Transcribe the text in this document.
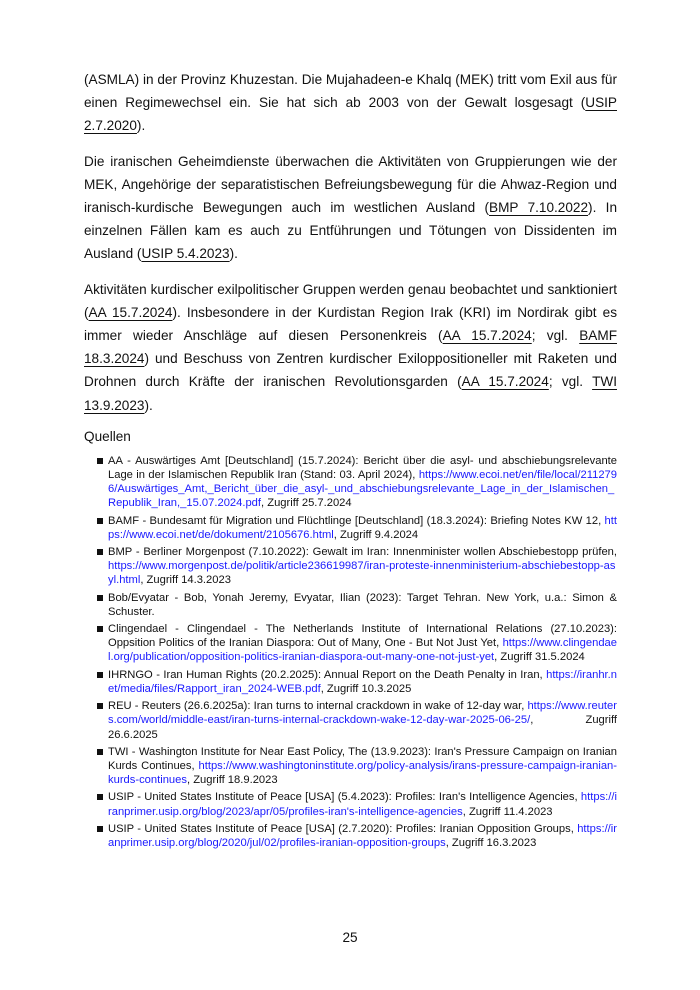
(ASMLA) in der Provinz Khuzestan. Die Mujahadeen-e Khalq (MEK) tritt vom Exil aus für einen Regimewechsel ein. Sie hat sich ab 2003 von der Gewalt losgesagt (USIP 2.7.2020).

Die iranischen Geheimdienste überwachen die Aktivitäten von Gruppierungen wie der MEK, Angehörige der separatistischen Befreiungsbewegung für die Ahwaz-Region und iranisch-kurdische Bewegungen auch im westlichen Ausland (BMP 7.10.2022). In einzelnen Fällen kam es auch zu Entführungen und Tötungen von Dissidenten im Ausland (USIP 5.4.2023).

Aktivitäten kurdischer exilpolitischer Gruppen werden genau beobachtet und sanktioniert (AA 15.7.2024). Insbesondere in der Kurdistan Region Irak (KRI) im Nordirak gibt es immer wieder Anschläge auf diesen Personenkreis (AA 15.7.2024; vgl. BAMF 18.3.2024) und Beschuss von Zentren kurdischer Exiloppositioneller mit Raketen und Drohnen durch Kräfte der iranischen Revolutionsgarden (AA 15.7.2024; vgl. TWI 13.9.2023).

Quellen
AA - Auswärtiges Amt [Deutschland] (15.7.2024): Bericht über die asyl- und abschiebungsrelevante Lage in der Islamischen Republik Iran (Stand: 03. April 2024), https://www.ecoi.net/en/file/local/2112796/Auswärtiges_Amt,_Bericht_über_die_asyl-_und_abschiebungsrelevante_Lage_in_der_Islamischen_Republik_Iran,_15.07.2024.pdf, Zugriff 25.7.2024
BAMF - Bundesamt für Migration und Flüchtlinge [Deutschland] (18.3.2024): Briefing Notes KW 12, https://www.ecoi.net/de/dokument/2105676.html, Zugriff 9.4.2024
BMP - Berliner Morgenpost (7.10.2022): Gewalt im Iran: Innenminister wollen Abschiebestopp prüfen, https://www.morgenpost.de/politik/article236619987/iran-proteste-innenministerium-abschiebestopp-asyl.html, Zugriff 14.3.2023
Bob/Evyatar - Bob, Yonah Jeremy, Evyatar, Ilian (2023): Target Tehran. New York, u.a.: Simon & Schuster.
Clingendael - Clingendael - The Netherlands Institute of International Relations (27.10.2023): Oppsition Politics of the Iranian Diaspora: Out of Many, One - But Not Just Yet, https://www.clingendael.org/publication/opposition-politics-iranian-diaspora-out-many-one-not-just-yet, Zugriff 31.5.2024
IHRNGO - Iran Human Rights (20.2.2025): Annual Report on the Death Penalty in Iran, https://iranhr.net/media/files/Rapport_iran_2024-WEB.pdf, Zugriff 10.3.2025
REU - Reuters (26.6.2025a): Iran turns to internal crackdown in wake of 12-day war, https://www.reuters.com/world/middle-east/iran-turns-internal-crackdown-wake-12-day-war-2025-06-25/, Zugriff 26.6.2025
TWI - Washington Institute for Near East Policy, The (13.9.2023): Iran's Pressure Campaign on Iranian Kurds Continues, https://www.washingtoninstitute.org/policy-analysis/irans-pressure-campaign-iranian-kurds-continues, Zugriff 18.9.2023
USIP - United States Institute of Peace [USA] (5.4.2023): Profiles: Iran's Intelligence Agencies, https://iranprimer.usip.org/blog/2023/apr/05/profiles-iran's-intelligence-agencies, Zugriff 11.4.2023
USIP - United States Institute of Peace [USA] (2.7.2020): Profiles: Iranian Opposition Groups, https://iranprimer.usip.org/blog/2020/jul/02/profiles-iranian-opposition-groups, Zugriff 16.3.2023
25
